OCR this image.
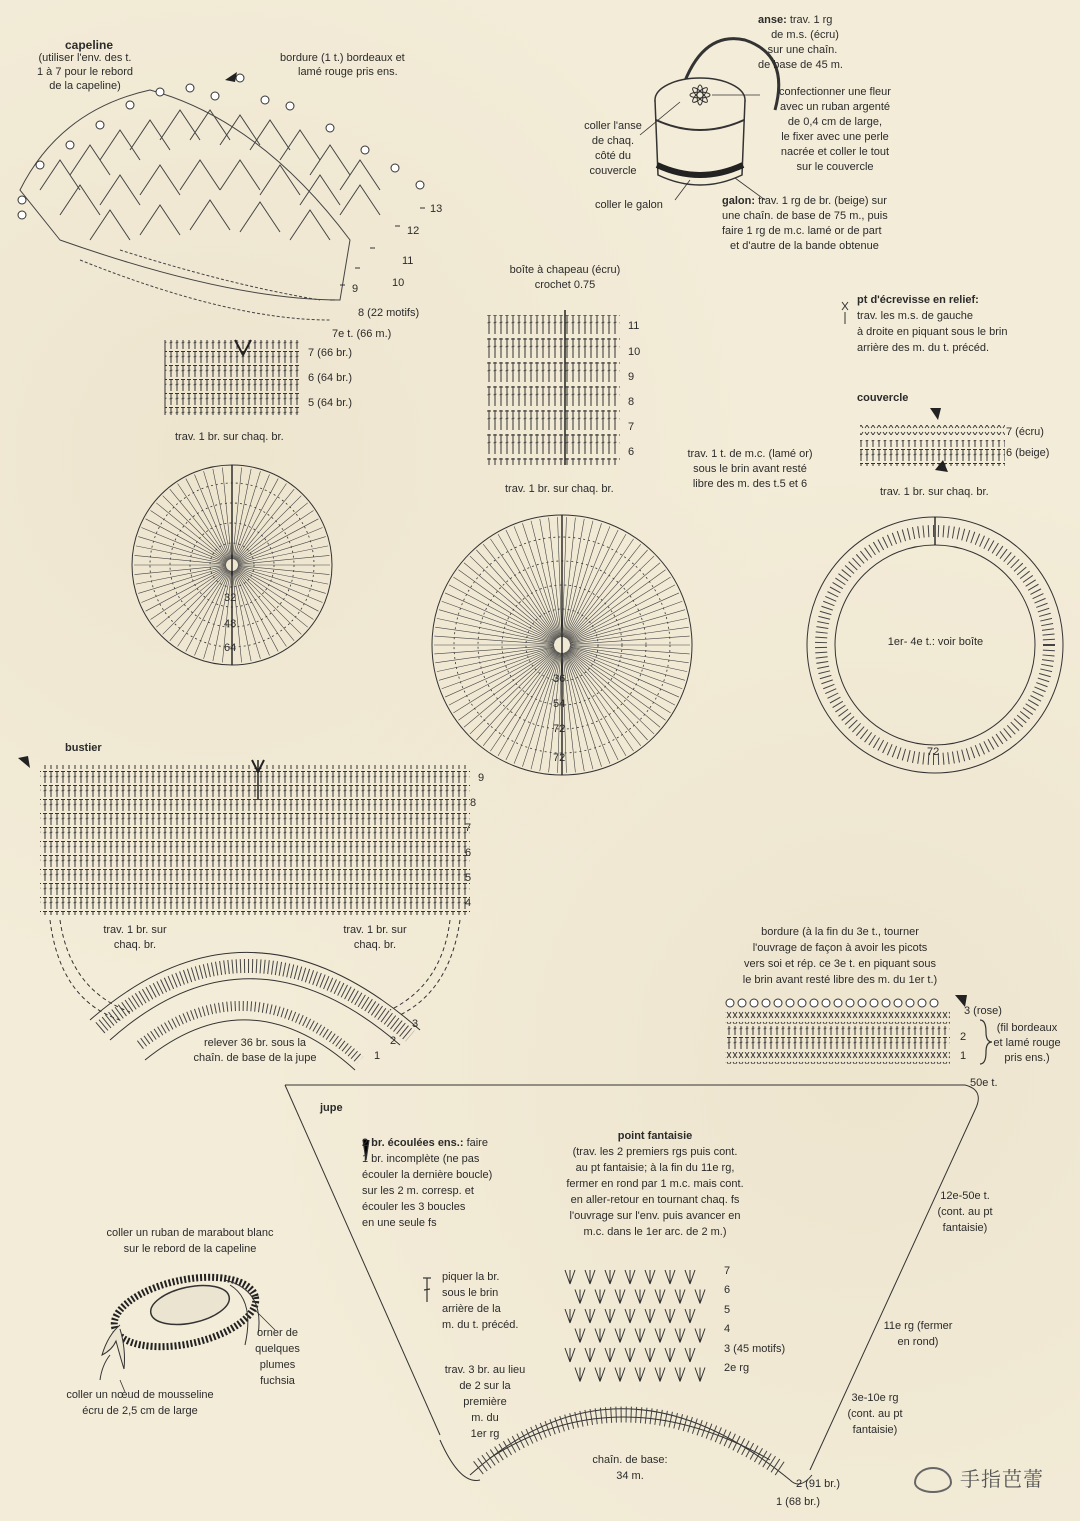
capeline
(utiliser l'env. des t.
1 à 7 pour le rebord
de la capeline)
bordure (1 t.) bordeaux et
lamé rouge pris ens.
13
12
11
10
9
8 (22 motifs)
7e t. (66 m.)
7 (66 br.)
6 (64 br.)
5 (64 br.)
trav. 1 br. sur chaq. br.
32
48
64
anse: trav. 1 rg
de m.s. (écru)
sur une chaîn.
de base de 45 m.
confectionner une fleur
avec un ruban argenté
de 0,4 cm de large,
le fixer avec une perle
nacrée et coller le tout
sur le couvercle
coller l'anse
de chaq.
côté du
couvercle
coller le galon	galon: trav. 1 rg de br. (beige) sur
une chaîn. de base de 75 m., puis
faire 1 rg de m.c. lamé or de part
et d'autre de la bande obtenue
boîte à chapeau (écru)
crochet 0.75
11
10
9
8
7
6
trav. 1 br. sur chaq. br.
trav. 1 t. de m.c. (lamé or)
sous le brin avant resté
libre des m. des t.5 et 6
36
54
72
72
pt d'écrevisse en relief:
trav. les m.s. de gauche
à droite en piquant sous le brin
arrière des m. du t. précéd.
couvercle
7 (écru)
6 (beige)
trav. 1 br. sur chaq. br.
1er- 4e t.: voir boîte
72
bustier
9
8
7
6
5
4
trav. 1 br. sur
chaq. br.
trav. 1 br. sur
chaq. br.
relever 36 br. sous la
chaîn. de base de la jupe
3
2
1
bordure (à la fin du 3e t., tourner
l'ouvrage de façon à avoir les picots
vers soi et rép. ce 3e t. en piquant sous
le brin avant resté libre des m. du 1er t.)
3 (rose)
2
1
(fil bordeaux
et lamé rouge
pris ens.)
50e t.
jupe
2 br. écoulées ens.: faire
1 br. incomplète (ne pas
écouler la dernière boucle)
sur les 2 m. corresp. et
écouler les 3 boucles
en une seule fs
point fantaisie
(trav. les 2 premiers rgs puis cont.
au pt fantaisie; à la fin du 11e rg,
fermer en rond par 1 m.c. mais cont.
en aller-retour en tournant chaq. fs
l'ouvrage sur l'env. puis avancer en
m.c. dans le 1er arc. de 2 m.)
7
6
5
4
3 (45 motifs)
2e rg
piquer la br.
sous le brin
arrière de la
m. du t. précéd.
trav. 3 br. au lieu
de 2 sur la
première
m. du
1er rg
chaîn. de base:
34 m.
12e-50e t.
(cont. au pt
fantaisie)
11e rg (fermer
en rond)
3e-10e rg
(cont. au pt
fantaisie)
2 (91 br.)
1 (68 br.)
coller un ruban de marabout blanc
sur le rebord de la capeline
orner de
quelques
plumes
fuchsia
coller un nœud de mousseline
écru de 2,5 cm de large
手指芭蕾
